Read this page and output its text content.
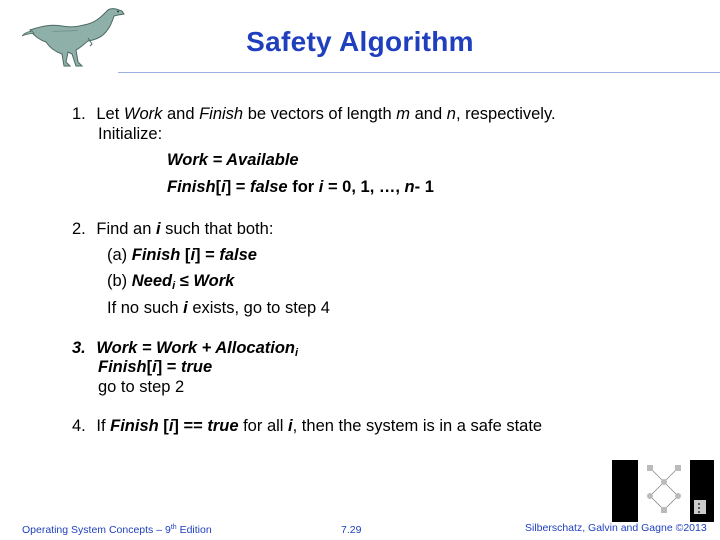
Safety Algorithm
1. Let Work and Finish be vectors of length m and n, respectively.
Initialize:
Work = Available
Finish[i] = false for i = 0, 1, …, n- 1
2. Find an i such that both:
(a) Finish [i] = false
(b) Need$_i$ ≤ Work
If no such i exists, go to step 4
3. Work = Work + Allocation$_i$
Finish[i] = true
go to step 2
4. If Finish [i] == true for all i, then the system is in a safe state
Operating System Concepts – 9th Edition	7.29	Silberschatz, Galvin and Gagne ©2013
